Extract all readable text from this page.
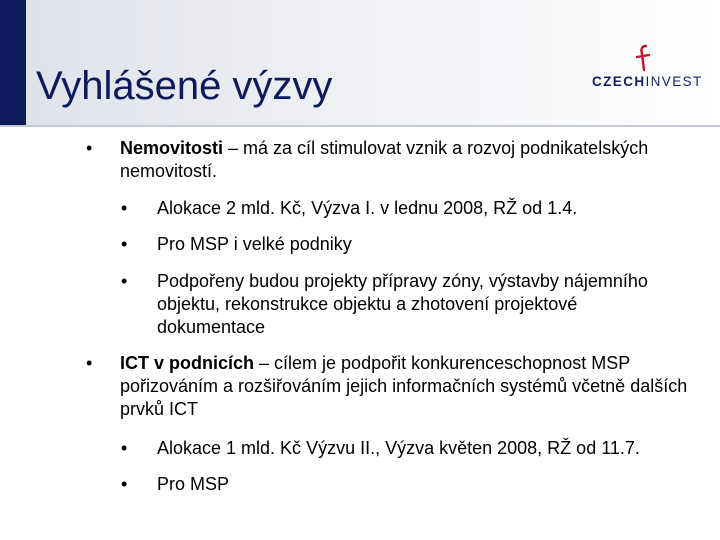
Vyhlášené výzvy	CZECHINVEST
• Nemovitosti – má za cíl stimulovat vznik a rozvoj podnikatelských nemovitostí.
• Alokace 2 mld. Kč, Výzva I. v lednu 2008, RŽ od 1.4.
• Pro MSP i velké podniky
• Podpořeny budou projekty přípravy zóny, výstavby nájemního objektu, rekonstrukce objektu a zhotovení projektové dokumentace
• ICT v podnicích – cílem je podpořit konkurenceschopnost MSP pořizováním a rozšiřováním jejich informačních systémů včetně dalších prvků ICT
• Alokace 1 mld. Kč Výzvu II., Výzva květen 2008, RŽ od 11.7.
• Pro MSP
